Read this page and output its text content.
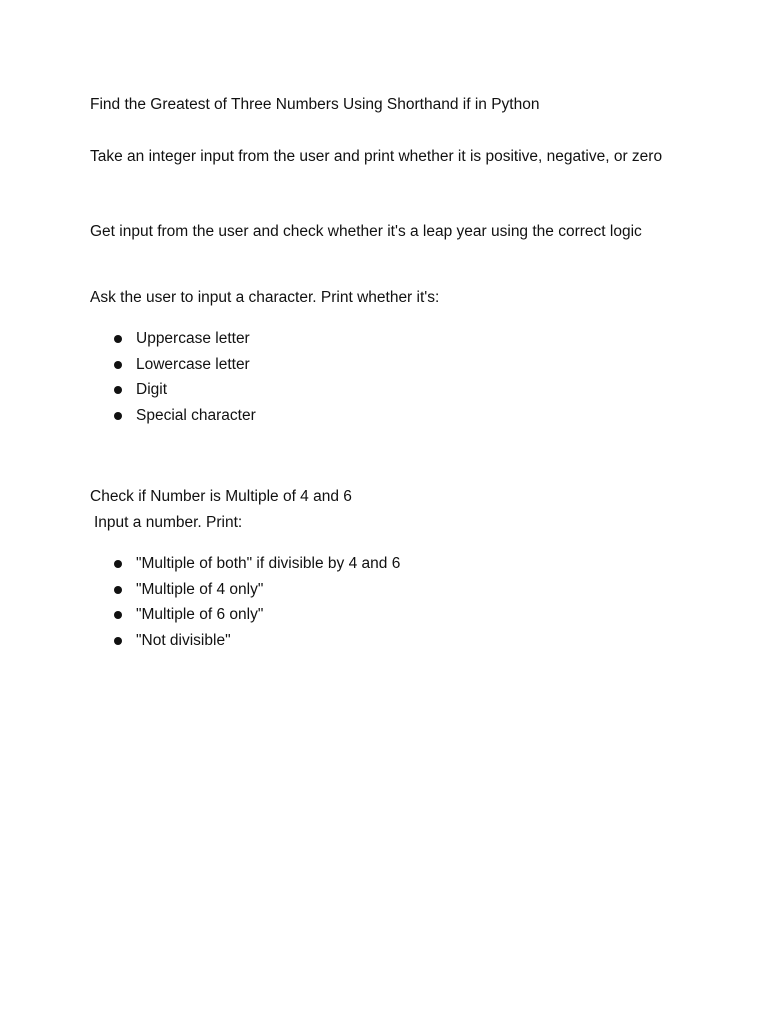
Find the Greatest of Three Numbers Using Shorthand if in Python

Take an integer input from the user and print whether it is positive, negative, or zero

Get input from the user and check whether it's a leap year using the correct logic

Ask the user to input a character. Print whether it's:

Uppercase letter
Lowercase letter
Digit
Special character

Check if Number is Multiple of 4 and 6

Input a number. Print:

"Multiple of both" if divisible by 4 and 6
"Multiple of 4 only"
"Multiple of 6 only"
"Not divisible"
